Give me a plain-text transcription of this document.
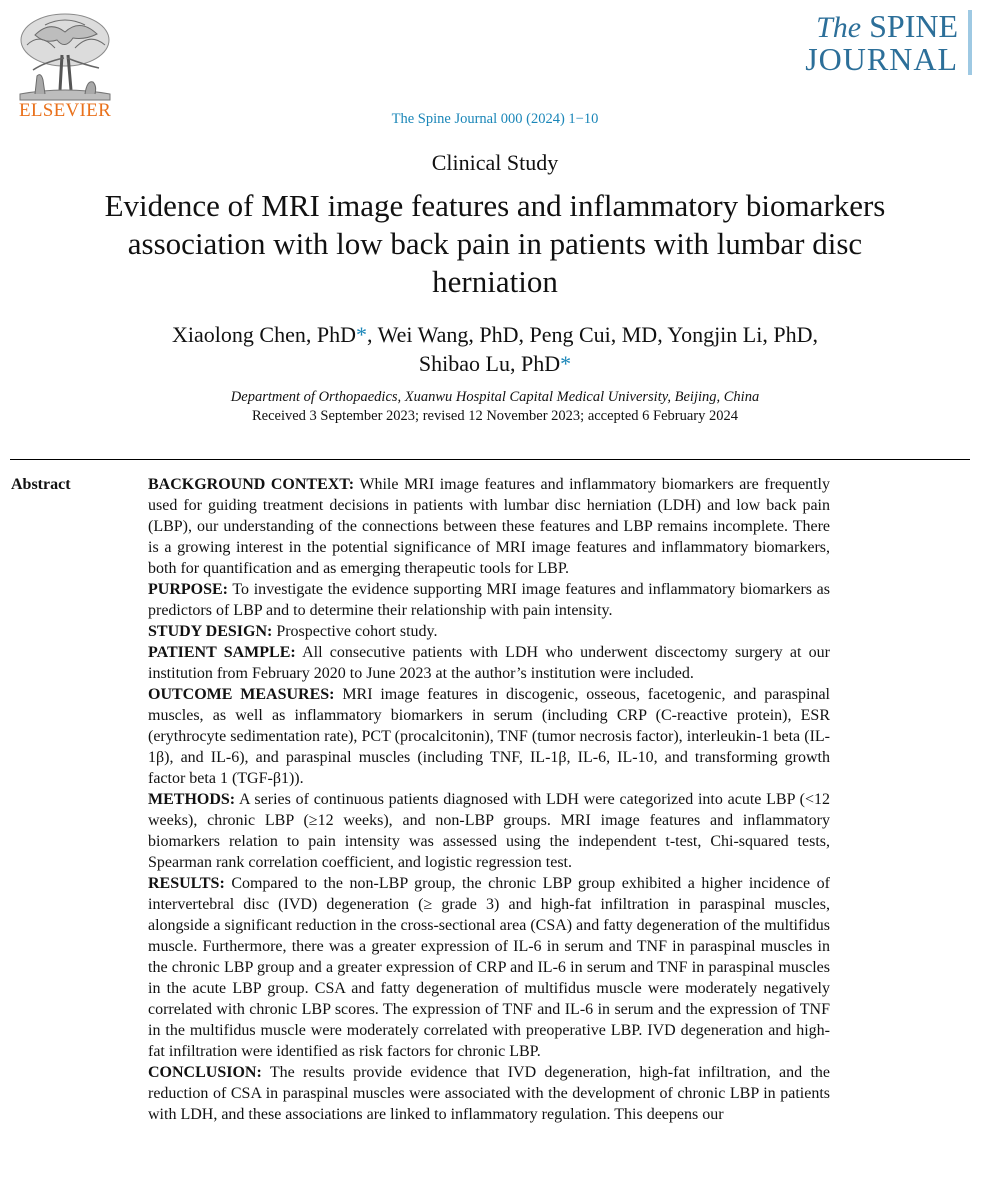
ELSEVIER
The SPINE
JOURNAL
The Spine Journal 000 (2024) 1−10
Clinical Study
Evidence of MRI image features and inflammatory biomarkers association with low back pain in patients with lumbar disc herniation
Xiaolong Chen, PhD*, Wei Wang, PhD, Peng Cui, MD, Yongjin Li, PhD,
Shibao Lu, PhD*
Department of Orthopaedics, Xuanwu Hospital Capital Medical University, Beijing, China
Received 3 September 2023; revised 12 November 2023; accepted 6 February 2024
Abstract	BACKGROUND CONTEXT: While MRI image features and inflammatory biomarkers are frequently used for guiding treatment decisions in patients with lumbar disc herniation (LDH) and low back pain (LBP), our understanding of the connections between these features and LBP remains incomplete. There is a growing interest in the potential significance of MRI image features and inflammatory biomarkers, both for quantification and as emerging therapeutic tools for LBP.

PURPOSE: To investigate the evidence supporting MRI image features and inflammatory biomarkers as predictors of LBP and to determine their relationship with pain intensity.

STUDY DESIGN: Prospective cohort study.

PATIENT SAMPLE: All consecutive patients with LDH who underwent discectomy surgery at our institution from February 2020 to June 2023 at the author’s institution were included.

OUTCOME MEASURES: MRI image features in discogenic, osseous, facetogenic, and paraspinal muscles, as well as inflammatory biomarkers in serum (including CRP (C-reactive protein), ESR (erythrocyte sedimentation rate), PCT (procalcitonin), TNF (tumor necrosis factor), interleukin-1 beta (IL-1β), and IL-6), and paraspinal muscles (including TNF, IL-1β, IL-6, IL-10, and transforming growth factor beta 1 (TGF-β1)).

METHODS: A series of continuous patients diagnosed with LDH were categorized into acute LBP (<12 weeks), chronic LBP (≥12 weeks), and non-LBP groups. MRI image features and inflammatory biomarkers relation to pain intensity was assessed using the independent t-test, Chi-squared tests, Spearman rank correlation coefficient, and logistic regression test.

RESULTS: Compared to the non-LBP group, the chronic LBP group exhibited a higher incidence of intervertebral disc (IVD) degeneration (≥ grade 3) and high-fat infiltration in paraspinal muscles, alongside a significant reduction in the cross-sectional area (CSA) and fatty degeneration of the multifidus muscle. Furthermore, there was a greater expression of IL-6 in serum and TNF in paraspinal muscles in the chronic LBP group and a greater expression of CRP and IL-6 in serum and TNF in paraspinal muscles in the acute LBP group. CSA and fatty degeneration of multifidus muscle were moderately negatively correlated with chronic LBP scores. The expression of TNF and IL-6 in serum and the expression of TNF in the multifidus muscle were moderately correlated with preoperative LBP. IVD degeneration and high-fat infiltration were identified as risk factors for chronic LBP.

CONCLUSION: The results provide evidence that IVD degeneration, high-fat infiltration, and the reduction of CSA in paraspinal muscles were associated with the development of chronic LBP in patients with LDH, and these associations are linked to inflammatory regulation. This deepens our
